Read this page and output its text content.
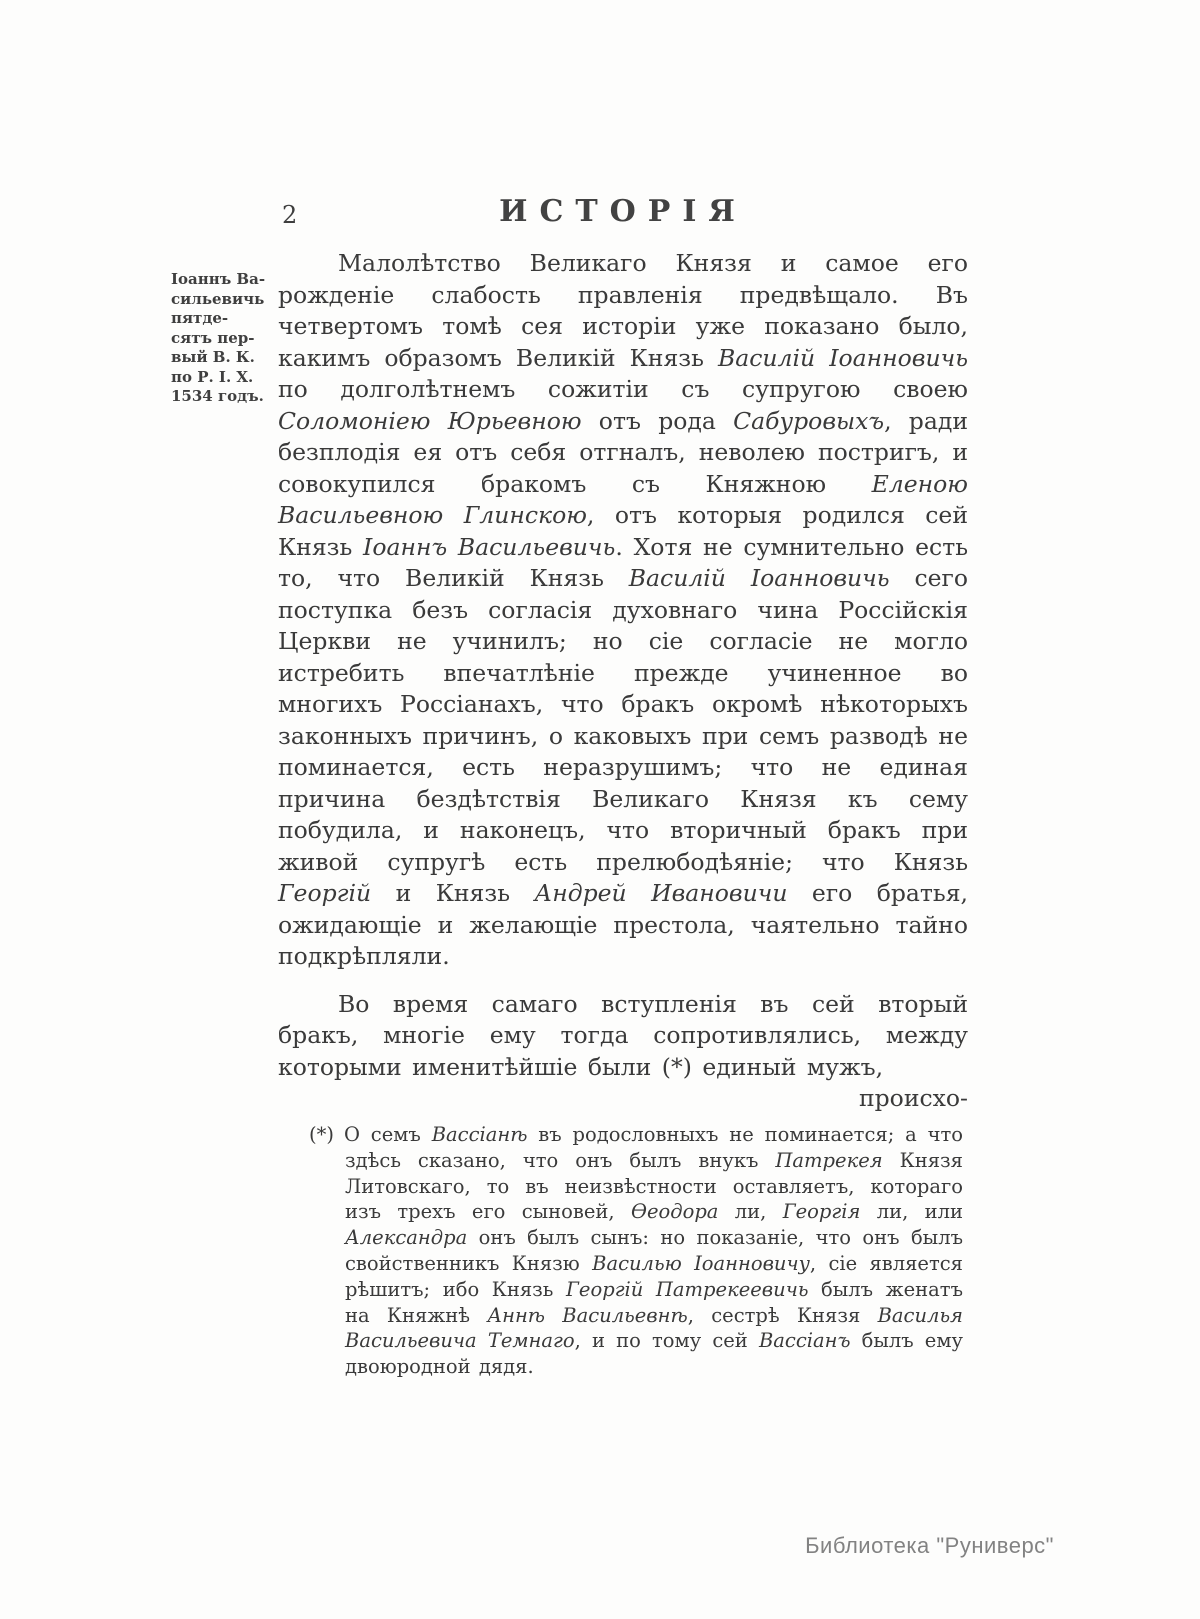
2	ИСТОРІЯ
Іоаннъ Ва-
сильевичь
пятде-
сятъ пер-
вый В. К.
по Р. І. Х.
1534 годъ.

Малолѣтство Великаго Князя и самое его рожденіе слабость правленія предвѣщало. Въ четвертомъ томѣ сея исторіи уже показано было, какимъ образомъ Великій Князь Василій Іоанновичь по долголѣтнемъ сожитіи съ супругою своею Соломоніею Юрьевною отъ рода Сабуровыхъ, ради безплодія ея отъ себя отгналъ, неволею постригъ, и совокупился бракомъ съ Княжною Еленою Васильевною Глинскою, отъ которыя родился сей Князь Іоаннъ Васильевичь. Хотя не сумнительно есть то, что Великій Князь Василій Іоанновичь сего поступка безъ согласія духовнаго чина Россійскія Церкви не учинилъ; но сіе согласіе не могло истребить впечатлѣніе прежде учиненное во многихъ Россіанахъ, что бракъ окромѣ нѣкоторыхъ законныхъ причинъ, о каковыхъ при семъ разводѣ не поминается, есть неразрушимъ; что не единая причина бездѣтствія Великаго Князя къ сему побудила, и наконецъ, что вторичный бракъ при живой супругѣ есть прелюбодѣяніе; что Князь Георгій и Князь Андрей Ивановичи его братья, ожидающіе и желающіе престола, чаятельно тайно подкрѣпляли.

Во время самаго вступленія въ сей вторый бракъ, многіе ему тогда сопротивлялись, между которыми именитѣйшіе были (*) единый мужъ,

происхо-
(*) О семъ Вассіанѣ въ родословныхъ не поминается; а что здѣсь сказано, что онъ былъ внукъ Патрекея Князя Литовскаго, то въ неизвѣстности оставляетъ, котораго изъ трехъ его сыновей, Ѳеодора ли, Георгія ли, или Александра онъ былъ сынъ: но показаніе, что онъ былъ свойственникъ Князю Василью Іоанновичу, сіе является рѣшитъ; ибо Князь Георгій Патрекеевичь былъ женатъ на Княжнѣ Аннѣ Васильевнѣ, сестрѣ Князя Василья Васильевича Темнаго, и по тому сей Вассіанъ былъ ему двоюродной дядя.
Библиотека "Руниверс"
